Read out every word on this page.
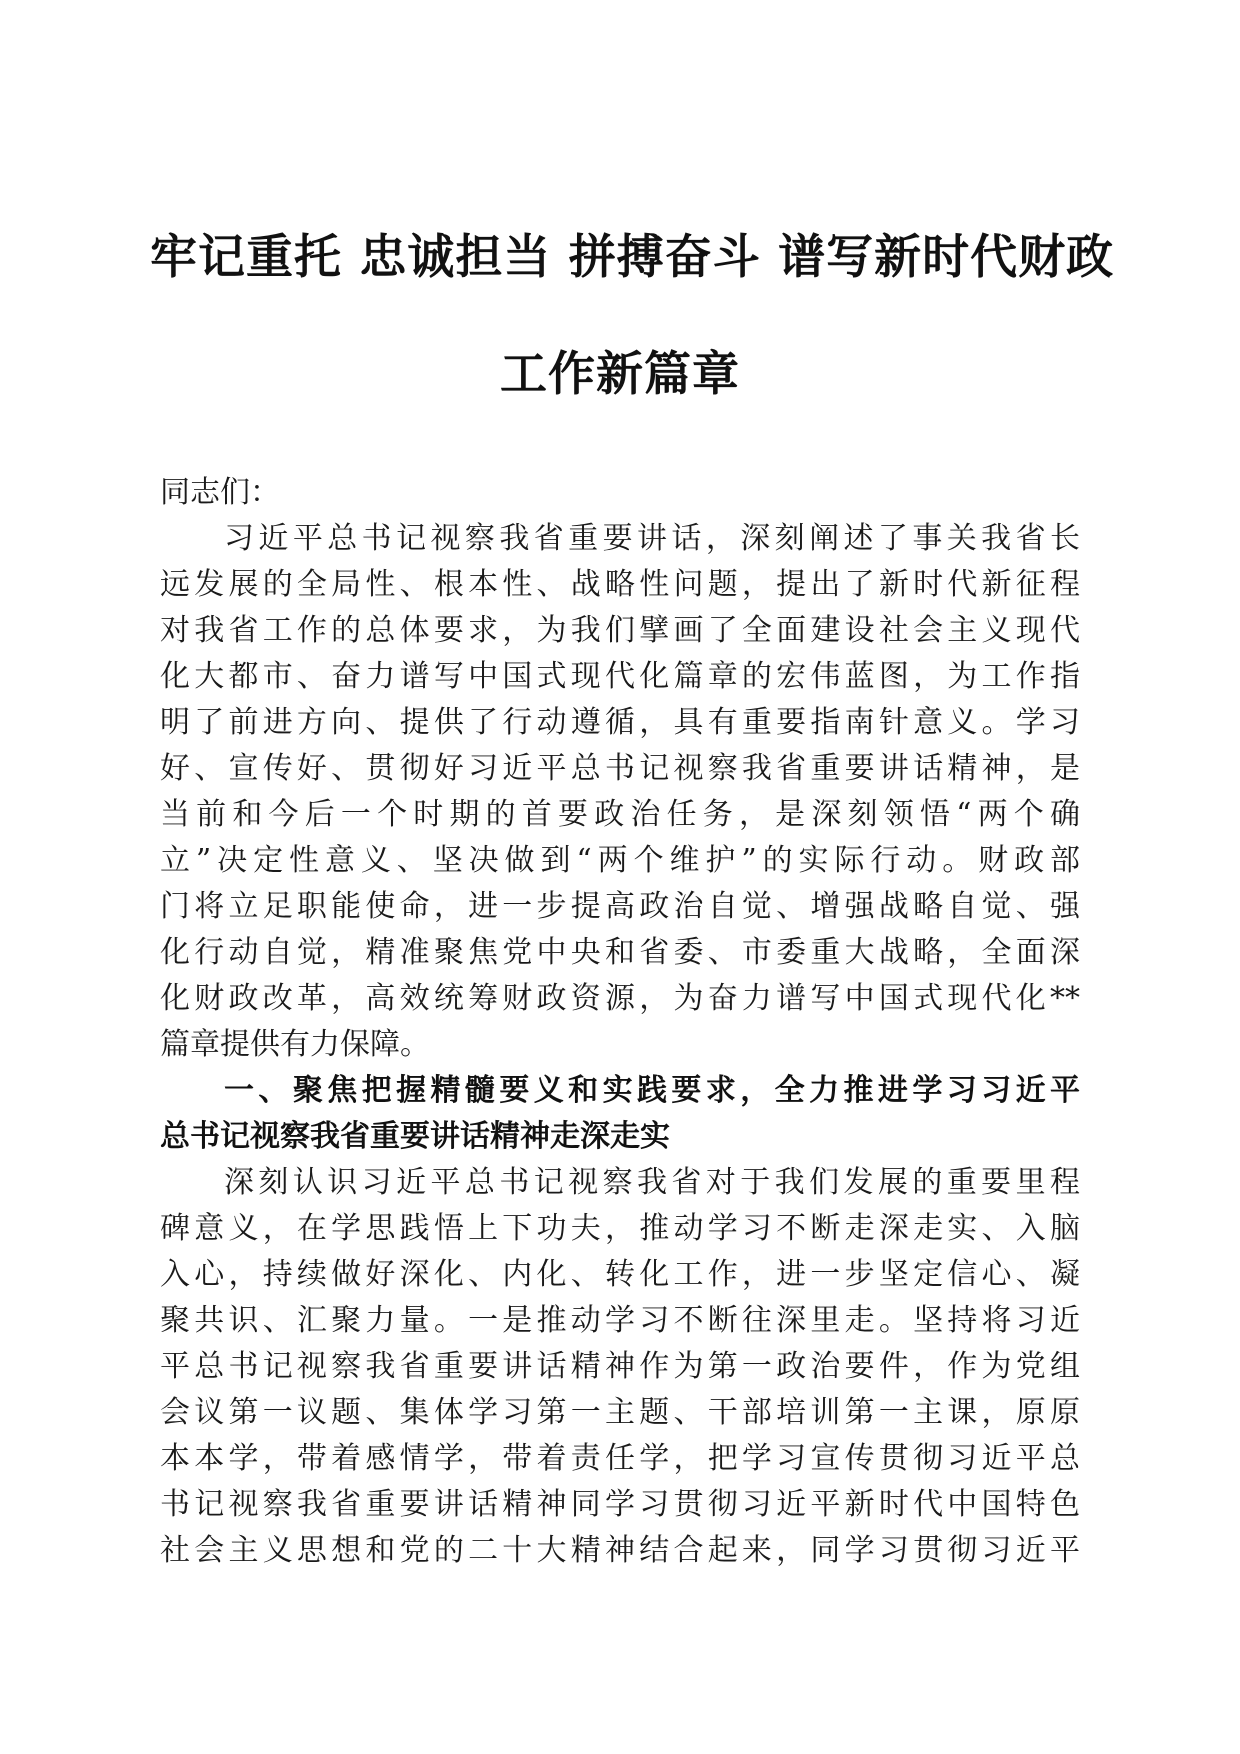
牢记重托 忠诚担当 拼搏奋斗 谱写新时代财政
工作新篇章
同志们：
习近平总书记视察我省重要讲话，深刻阐述了事关我省长
远发展的全局性、根本性、战略性问题，提出了新时代新征程
对我省工作的总体要求，为我们擘画了全面建设社会主义现代
化大都市、奋力谱写中国式现代化篇章的宏伟蓝图，为工作指
明了前进方向、提供了行动遵循，具有重要指南针意义。学习
好、宣传好、贯彻好习近平总书记视察我省重要讲话精神，是
当前和今后一个时期的首要政治任务，是深刻领悟“两个确
立”决定性意义、坚决做到“两个维护”的实际行动。财政部
门将立足职能使命，进一步提高政治自觉、增强战略自觉、强
化行动自觉，精准聚焦党中央和省委、市委重大战略，全面深
化财政改革，高效统筹财政资源，为奋力谱写中国式现代化**
篇章提供有力保障。
一、聚焦把握精髓要义和实践要求，全力推进学习习近平
总书记视察我省重要讲话精神走深走实
深刻认识习近平总书记视察我省对于我们发展的重要里程
碑意义，在学思践悟上下功夫，推动学习不断走深走实、入脑
入心，持续做好深化、内化、转化工作，进一步坚定信心、凝
聚共识、汇聚力量。一是推动学习不断往深里走。坚持将习近
平总书记视察我省重要讲话精神作为第一政治要件，作为党组
会议第一议题、集体学习第一主题、干部培训第一主课，原原
本本学，带着感情学，带着责任学，把学习宣传贯彻习近平总
书记视察我省重要讲话精神同学习贯彻习近平新时代中国特色
社会主义思想和党的二十大精神结合起来，同学习贯彻习近平
